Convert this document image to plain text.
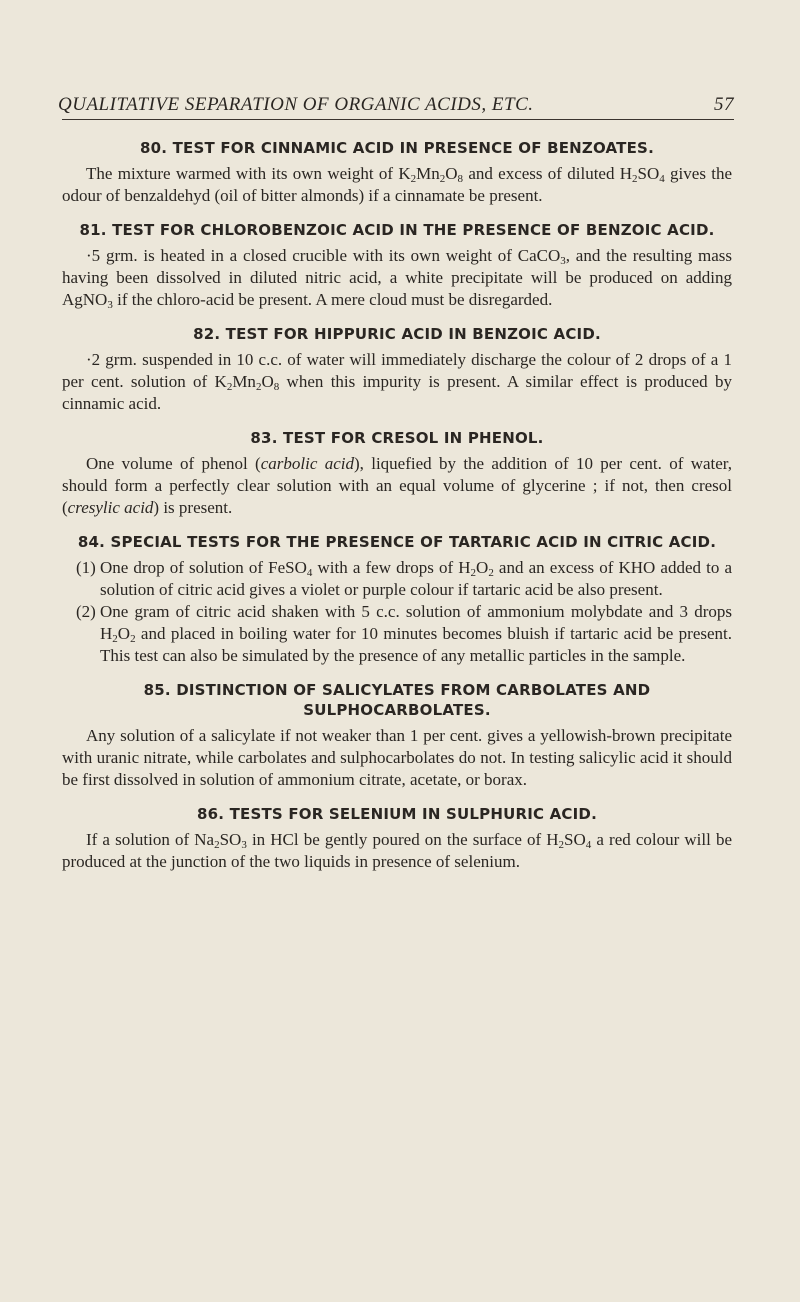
QUALITATIVE SEPARATION OF ORGANIC ACIDS, ETC.	57
80. TEST FOR CINNAMIC ACID IN PRESENCE OF BENZOATES.

The mixture warmed with its own weight of $K_2Mn_2O_8$ and excess of diluted $H_2SO_4$ gives the odour of benzaldehyd (oil of bitter almonds) if a cinnamate be present.

81. TEST FOR CHLOROBENZOIC ACID IN THE PRESENCE OF BENZOIC ACID.

·5 grm. is heated in a closed crucible with its own weight of CaCO$_3$, and the resulting mass having been dissolved in diluted nitric acid, a white precipitate will be produced on adding AgNO$_3$ if the chloro-acid be present. A mere cloud must be disregarded.

82. TEST FOR HIPPURIC ACID IN BENZOIC ACID.

·2 grm. suspended in 10 c.c. of water will immediately discharge the colour of 2 drops of a 1 per cent. solution of $K_2Mn_2O_8$ when this impurity is present. A similar effect is produced by cinnamic acid.

83. TEST FOR CRESOL IN PHENOL.

One volume of phenol (carbolic acid), liquefied by the addition of 10 per cent. of water, should form a perfectly clear solution with an equal volume of glycerine ; if not, then cresol (cresylic acid) is present.

84. SPECIAL TESTS FOR THE PRESENCE OF TARTARIC ACID IN CITRIC ACID.
(1) One drop of solution of FeSO$_4$ with a few drops of $H_2O_2$ and an excess of KHO added to a solution of citric acid gives a violet or purple colour if tartaric acid be also present.
(2) One gram of citric acid shaken with 5 c.c. solution of ammonium molybdate and 3 drops $H_2O_2$ and placed in boiling water for 10 minutes becomes bluish if tartaric acid be present. This test can also be simulated by the presence of any metallic particles in the sample.
85. DISTINCTION OF SALICYLATES FROM CARBOLATES AND SULPHOCARBOLATES.

Any solution of a salicylate if not weaker than 1 per cent. gives a yellowish-brown precipitate with uranic nitrate, while carbolates and sulphocarbolates do not. In testing salicylic acid it should be first dissolved in solution of ammonium citrate, acetate, or borax.

86. TESTS FOR SELENIUM IN SULPHURIC ACID.

If a solution of $Na_2SO_3$ in HCl be gently poured on the surface of $H_2SO_4$ a red colour will be produced at the junction of the two liquids in presence of selenium.
